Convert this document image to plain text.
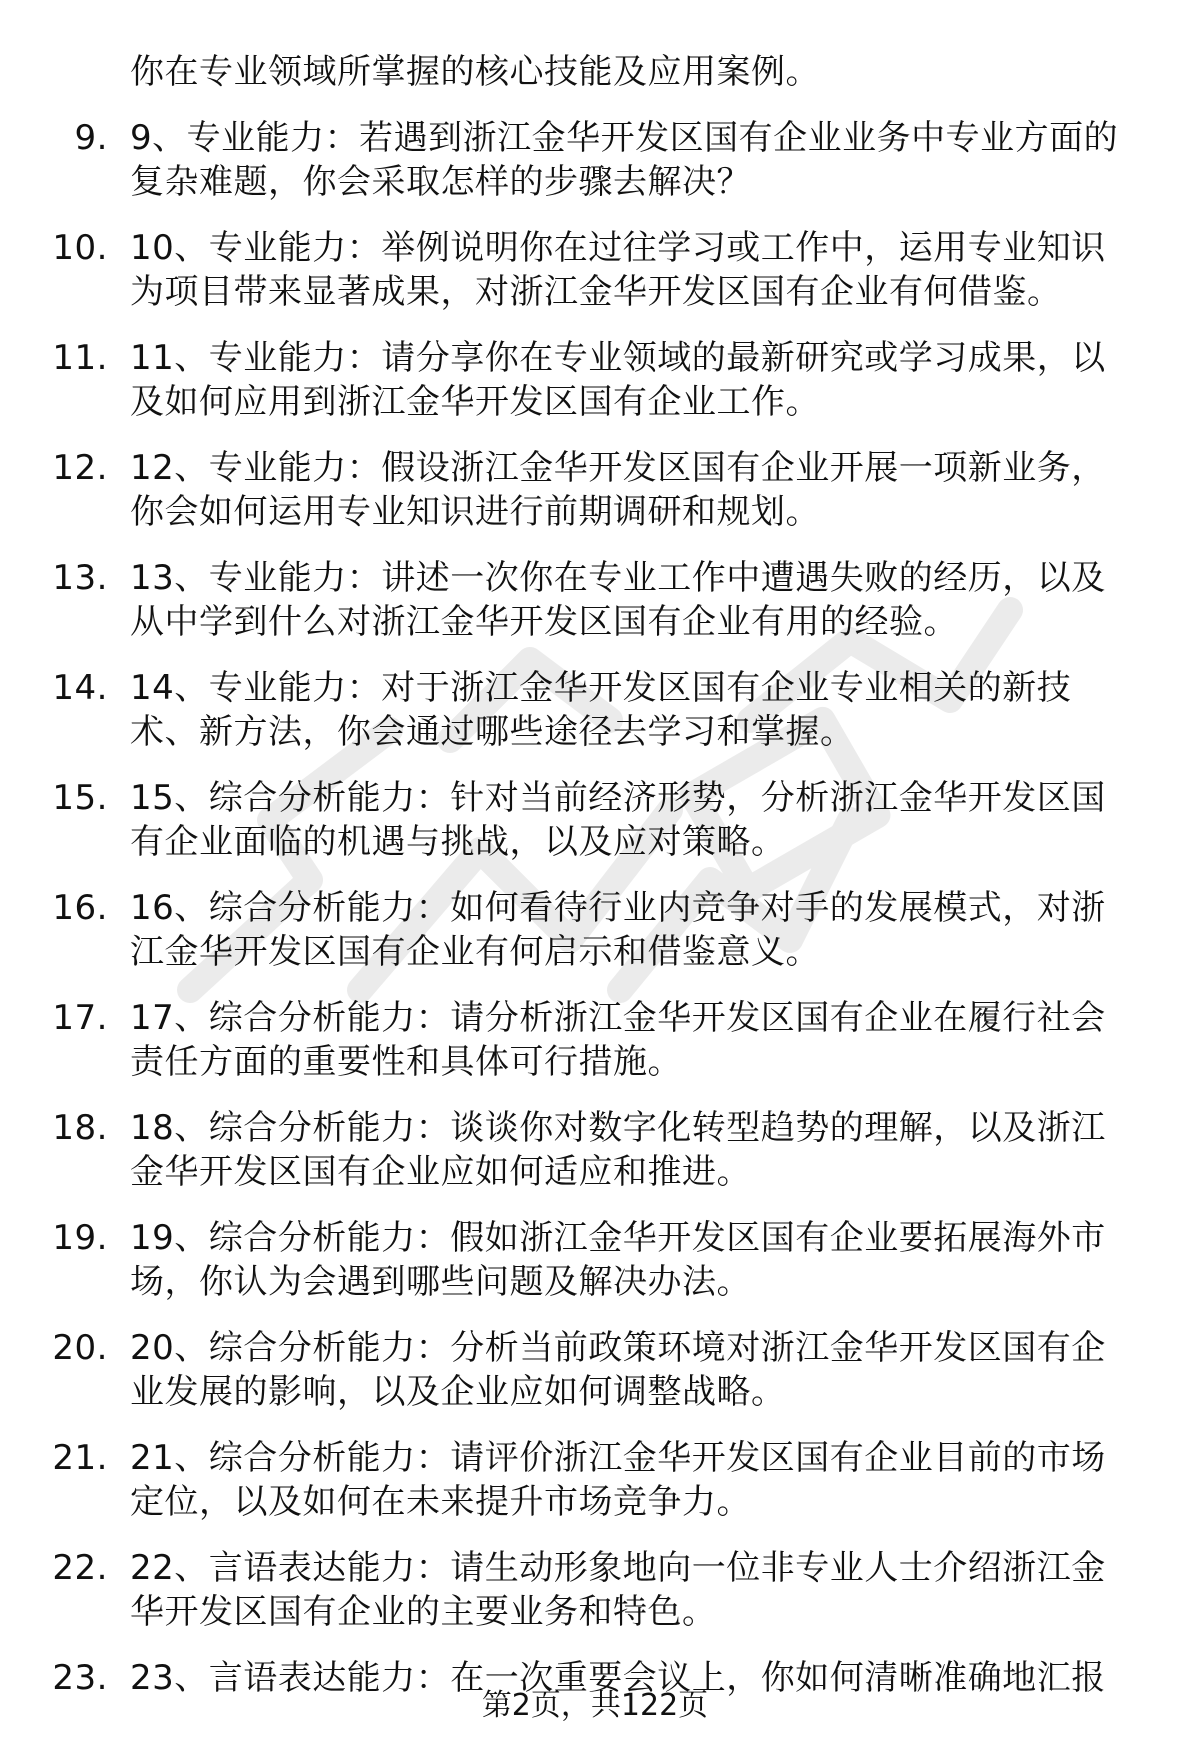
你在专业领域所掌握的核心技能及应用案例。
9. 9、专业能力：若遇到浙江金华开发区国有企业业务中专业方面的
复杂难题，你会采取怎样的步骤去解决？
10. 10、专业能力：举例说明你在过往学习或工作中，运用专业知识
为项目带来显著成果，对浙江金华开发区国有企业有何借鉴。
11. 11、专业能力：请分享你在专业领域的最新研究或学习成果，以
及如何应用到浙江金华开发区国有企业工作。
12. 12、专业能力：假设浙江金华开发区国有企业开展一项新业务，
你会如何运用专业知识进行前期调研和规划。
13. 13、专业能力：讲述一次你在专业工作中遭遇失败的经历，以及
从中学到什么对浙江金华开发区国有企业有用的经验。
14. 14、专业能力：对于浙江金华开发区国有企业专业相关的新技
术、新方法，你会通过哪些途径去学习和掌握。
15. 15、综合分析能力：针对当前经济形势，分析浙江金华开发区国
有企业面临的机遇与挑战，以及应对策略。
16. 16、综合分析能力：如何看待行业内竞争对手的发展模式，对浙
江金华开发区国有企业有何启示和借鉴意义。
17. 17、综合分析能力：请分析浙江金华开发区国有企业在履行社会
责任方面的重要性和具体可行措施。
18. 18、综合分析能力：谈谈你对数字化转型趋势的理解，以及浙江
金华开发区国有企业应如何适应和推进。
19. 19、综合分析能力：假如浙江金华开发区国有企业要拓展海外市
场，你认为会遇到哪些问题及解决办法。
20. 20、综合分析能力：分析当前政策环境对浙江金华开发区国有企
业发展的影响，以及企业应如何调整战略。
21. 21、综合分析能力：请评价浙江金华开发区国有企业目前的市场
定位，以及如何在未来提升市场竞争力。
22. 22、言语表达能力：请生动形象地向一位非专业人士介绍浙江金
华开发区国有企业的主要业务和特色。
23. 23、言语表达能力：在一次重要会议上，你如何清晰准确地汇报
第2页，共122页
